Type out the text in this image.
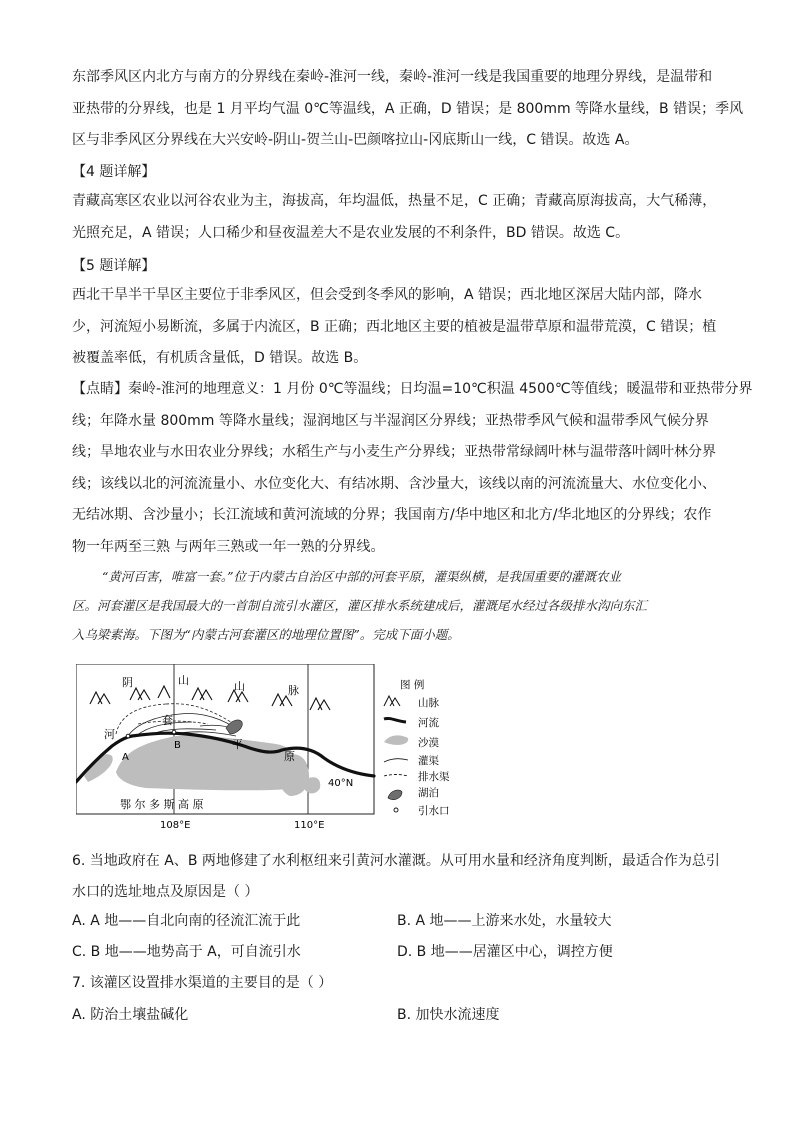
东部季风区内北方与南方的分界线在秦岭-淮河一线，秦岭-淮河一线是我国重要的地理分界线，是温带和
亚热带的分界线，也是 1 月平均气温 0℃等温线，A 正确，D 错误；是 800mm 等降水量线，B 错误；季风
区与非季风区分界线在大兴安岭-阴山-贺兰山-巴颜喀拉山-冈底斯山一线，C 错误。故选 A。
【4 题详解】
青藏高寒区农业以河谷农业为主，海拔高，年均温低，热量不足，C 正确；青藏高原海拔高，大气稀薄，
光照充足，A 错误；人口稀少和昼夜温差大不是农业发展的不利条件，BD 错误。故选 C。
【5 题详解】
西北干旱半干旱区主要位于非季风区，但会受到冬季风的影响，A 错误；西北地区深居大陆内部，降水
少，河流短小易断流，多属于内流区，B 正确；西北地区主要的植被是温带草原和温带荒漠，C 错误；植
被覆盖率低，有机质含量低，D 错误。故选 B。
【点睛】秦岭-淮河的地理意义：1 月份 0℃等温线；日均温=10℃积温 4500℃等值线；暖温带和亚热带分界
线；年降水量 800mm 等降水量线；湿润地区与半湿润区分界线；亚热带季风气候和温带季风气候分界
线；旱地农业与水田农业分界线；水稻生产与小麦生产分界线；亚热带常绿阔叶林与温带落叶阔叶林分界
线；该线以北的河流流量小、水位变化大、有结冰期、含沙量大，该线以南的河流流量大、水位变化小、
无结冰期、含沙量小；长江流域和黄河流域的分界；我国南方/华中地区和北方/华北地区的分界线；农作
物一年两至三熟 与两年三熟或一年一熟的分界线。
“黄河百害，唯富一套。”位于内蒙古自治区中部的河套平原，灌渠纵横，是我国重要的灌溉农业
区。河套灌区是我国最大的一首制自流引水灌区，灌区排水系统建成后，灌溉尾水经过各级排水沟向东汇
入乌梁素海。下图为“内蒙古河套灌区的地理位置图”。完成下面小题。
阴	山	山	脉
河
套
平
原
A
B
40°N
鄂 尔 多 斯 高 原
108°E	110°E
图 例
山脉
河流
沙漠
灌渠
排水渠
湖泊
引水口
6. 当地政府在 A、B 两地修建了水利枢纽来引黄河水灌溉。从可用水量和经济角度判断，最适合作为总引
水口的选址地点及原因是（ ）
A. A 地——自北向南的径流汇流于此	B. A 地——上游来水处，水量较大
C. B 地——地势高于 A，可自流引水	D. B 地——居灌区中心，调控方便
7. 该灌区设置排水渠道的主要目的是（ ）
A. 防治土壤盐碱化	B. 加快水流速度
